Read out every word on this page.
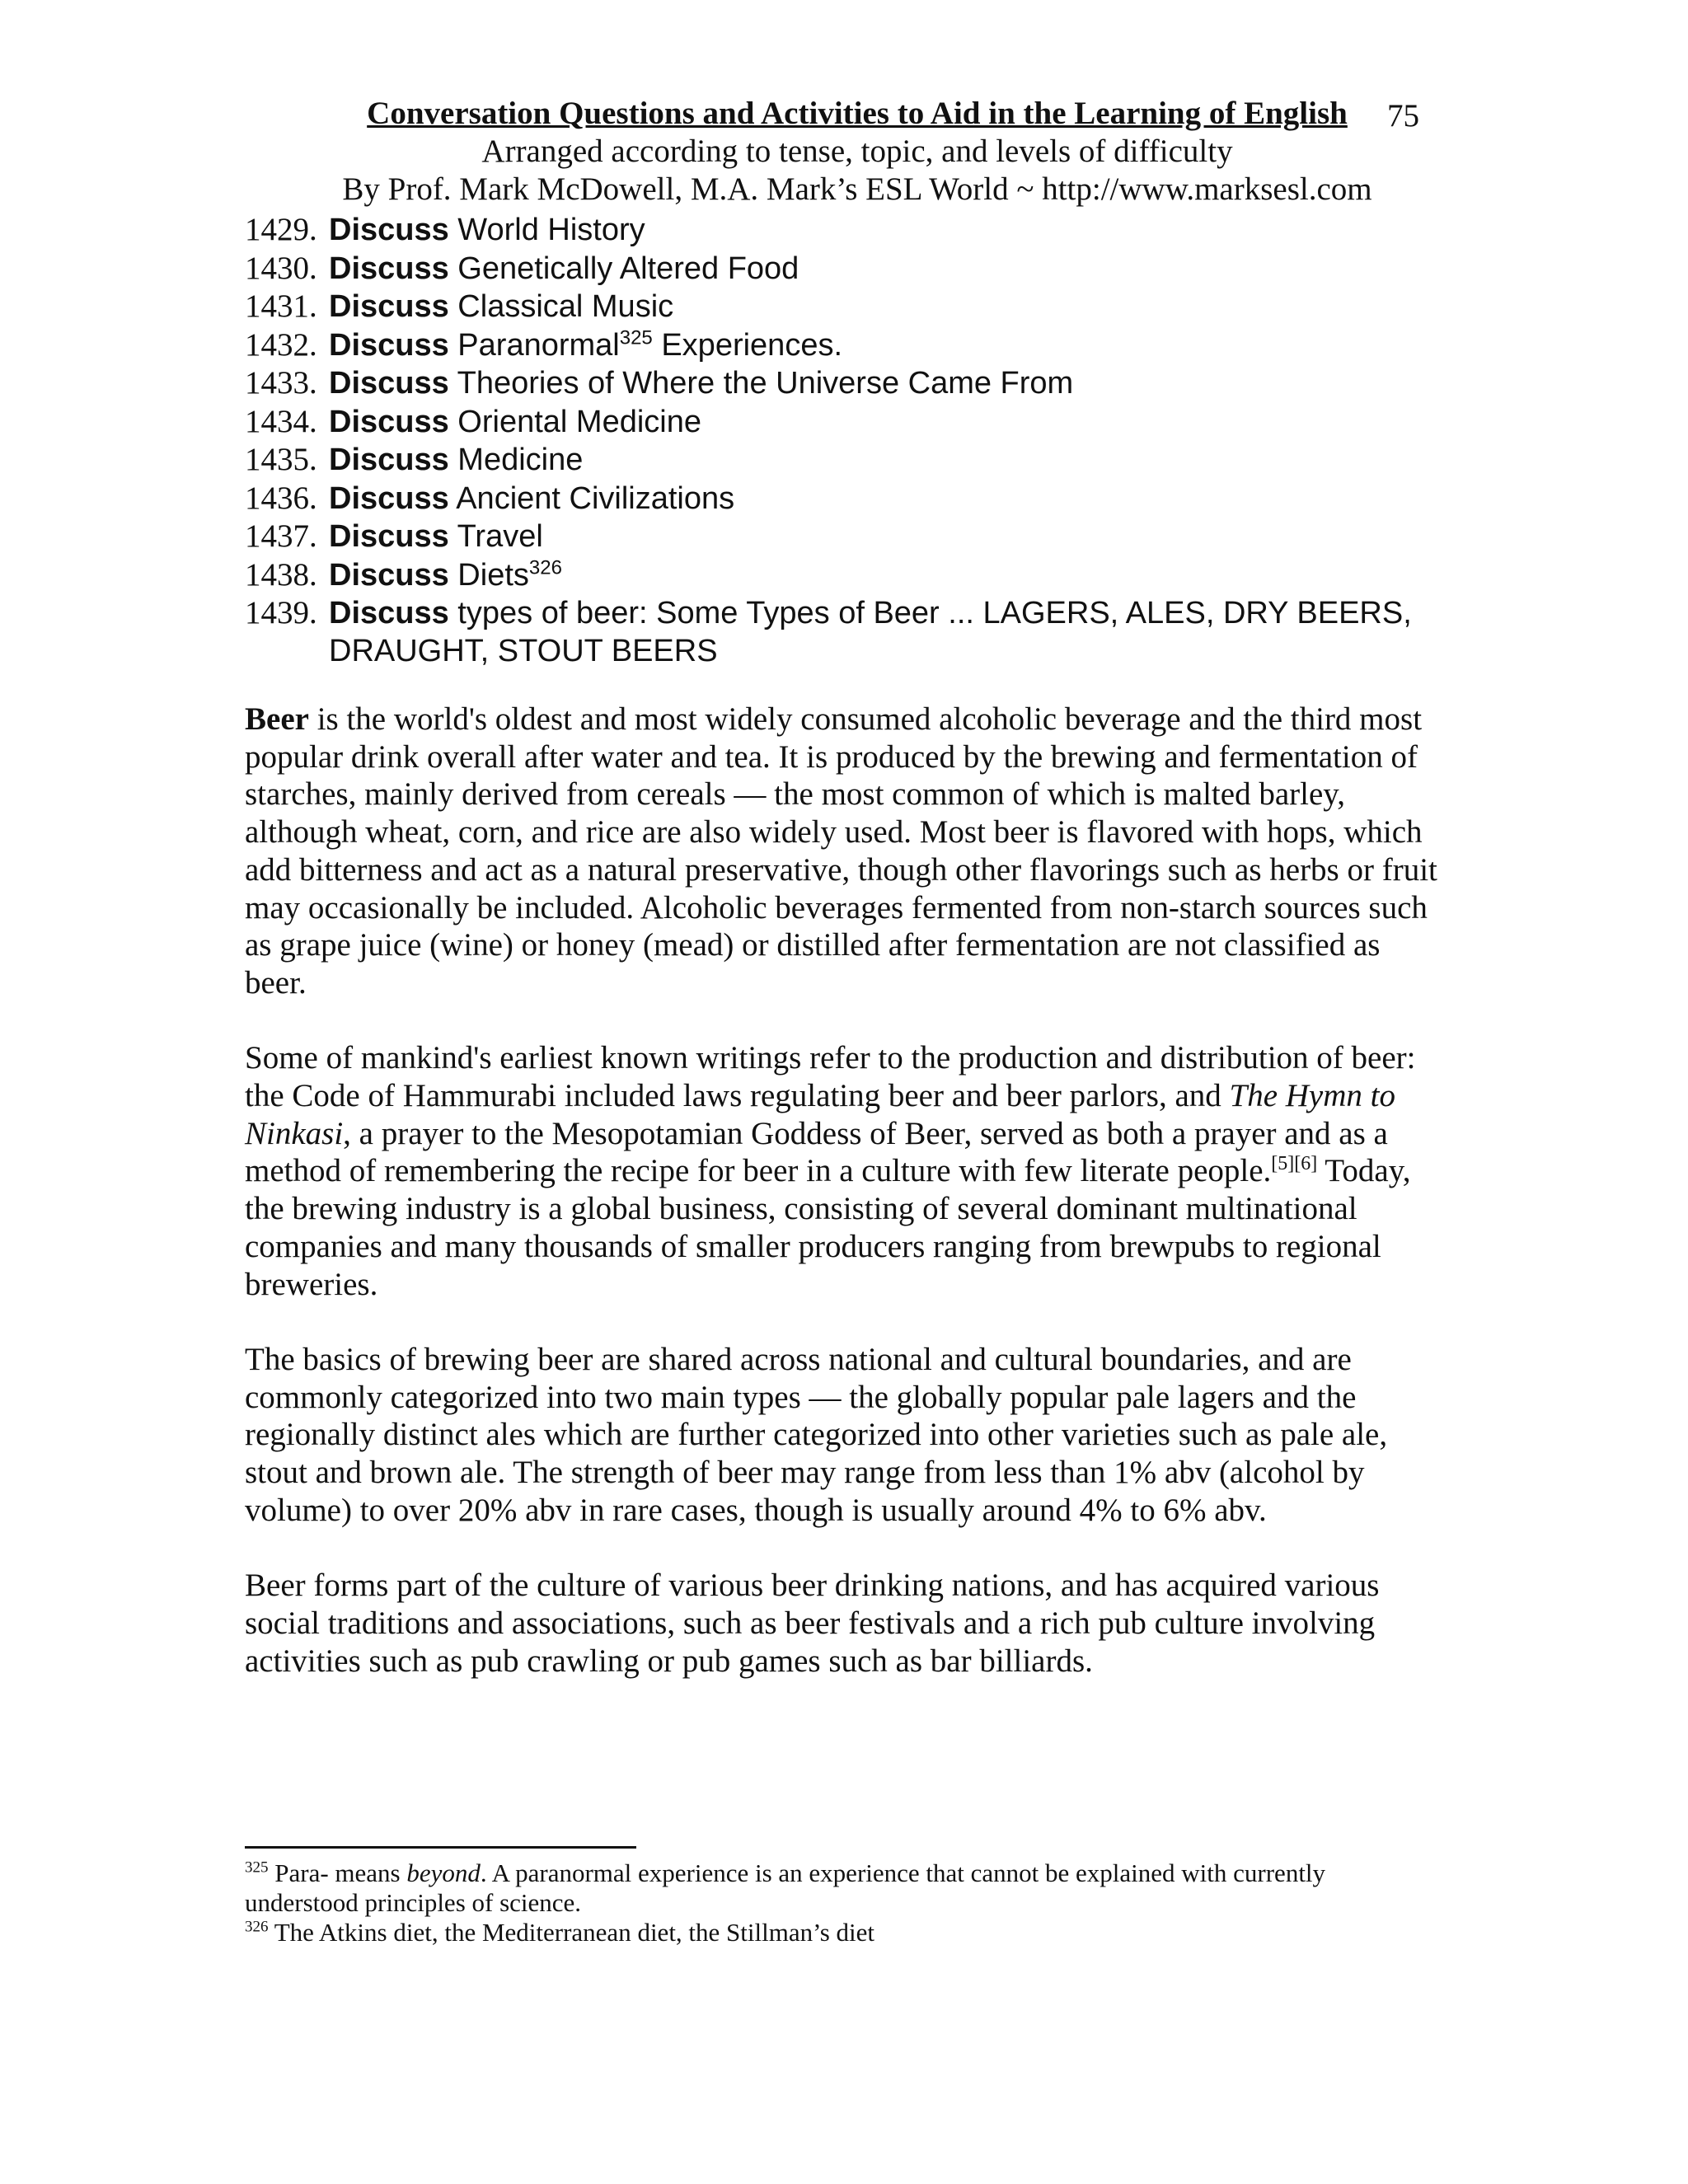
Conversation Questions and Activities to Aid in the Learning of English
Arranged according to tense, topic, and levels of difficulty
By Prof. Mark McDowell, M.A. Mark’s ESL World ~ http://www.marksesl.com
75
1429. Discuss World History
1430. Discuss Genetically Altered Food
1431. Discuss Classical Music
1432. Discuss Paranormal$^{325}$ Experiences.
1433. Discuss Theories of Where the Universe Came From
1434. Discuss Oriental Medicine
1435. Discuss Medicine
1436. Discuss Ancient Civilizations
1437. Discuss Travel
1438. Discuss Diets$^{326}$
1439. Discuss types of beer: Some Types of Beer ... LAGERS, ALES, DRY BEERS, DRAUGHT, STOUT BEERS

Beer is the world's oldest and most widely consumed alcoholic beverage and the third most popular drink overall after water and tea. It is produced by the brewing and fermentation of starches, mainly derived from cereals — the most common of which is malted barley, although wheat, corn, and rice are also widely used. Most beer is flavored with hops, which add bitterness and act as a natural preservative, though other flavorings such as herbs or fruit may occasionally be included. Alcoholic beverages fermented from non-starch sources such as grape juice (wine) or honey (mead) or distilled after fermentation are not classified as beer.

Some of mankind's earliest known writings refer to the production and distribution of beer: the Code of Hammurabi included laws regulating beer and beer parlors, and The Hymn to Ninkasi, a prayer to the Mesopotamian Goddess of Beer, served as both a prayer and as a method of remembering the recipe for beer in a culture with few literate people.[5][6] Today, the brewing industry is a global business, consisting of several dominant multinational companies and many thousands of smaller producers ranging from brewpubs to regional breweries.

The basics of brewing beer are shared across national and cultural boundaries, and are commonly categorized into two main types — the globally popular pale lagers and the regionally distinct ales which are further categorized into other varieties such as pale ale, stout and brown ale. The strength of beer may range from less than 1% abv (alcohol by volume) to over 20% abv in rare cases, though is usually around 4% to 6% abv.

Beer forms part of the culture of various beer drinking nations, and has acquired various social traditions and associations, such as beer festivals and a rich pub culture involving activities such as pub crawling or pub games such as bar billiards.

$^{325}$ Para- means beyond. A paranormal experience is an experience that cannot be explained with currently understood principles of science.

$^{326}$ The Atkins diet, the Mediterranean diet, the Stillman’s diet
